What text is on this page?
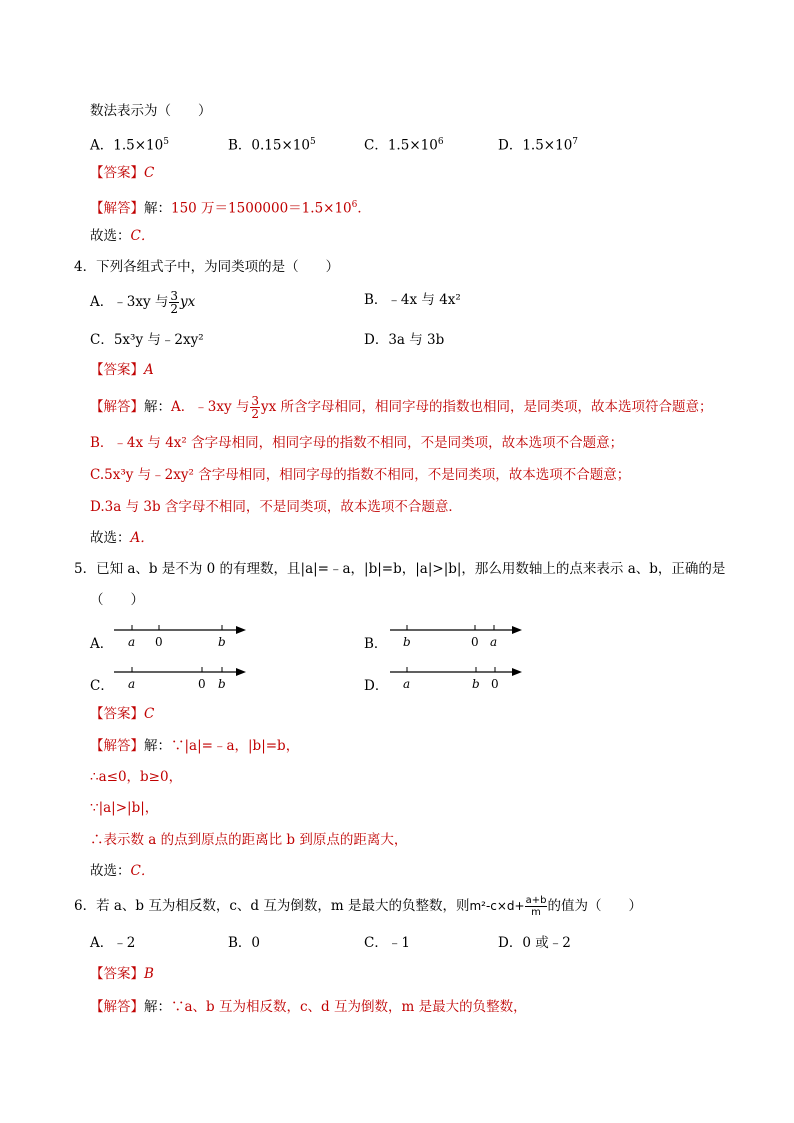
数法表示为（　　）
A．$1.5\times 10^5$	B．$0.15\times 10^5$	C．$1.5\times 10^6$	D．$1.5\times 10^7$
【答案】C
【解答】解：150 万$=1500000=1.5\times 10^6$．
故选：C．
4．下列各组式子中，为同类项的是（　　）
A．﹣3xy 与 $\frac{3}{2}$ yx	B．﹣4x 与 4x²
C．5x³y 与﹣2xy²	D．3a 与 3b
【答案】A
【解答】解：A．﹣3xy 与 $\frac{3}{2}$ yx 所含字母相同，相同字母的指数也相同，是同类项，故本选项符合题意；
B．﹣4x 与 4x² 含字母相同，相同字母的指数不相同，不是同类项，故本选项不合题意；
C.5x³y 与﹣2xy² 含字母相同，相同字母的指数不相同，不是同类项，故本选项不合题意；
D.3a 与 3b 含字母不相同，不是同类项，故本选项不合题意．
故选：A．
5．已知 a、b 是不为 0 的有理数，且|a|=﹣a，|b|=b，|a|>|b|，那么用数轴上的点来表示 a、b，正确的是
（　　）
A．	B．
C．	D．
a 0	b	b	0 a
a	0 b	a	b 0
【答案】C
【解答】解：∵|a|=﹣a，|b|=b，
∴a≤0，b≥0，
∵|a|>|b|，
∴表示数 a 的点到原点的距离比 b 到原点的距离大，
故选：C．
6．若 a、b 互为相反数，c、d 互为倒数，m 是最大的负整数，则$m^2-c\times d+ \frac{a+b}{m}$ 的值为（　　）
A．﹣2	B．0	C．﹣1	D．0 或﹣2
【答案】B
【解答】解：∵a、b 互为相反数，c、d 互为倒数，m 是最大的负整数，
